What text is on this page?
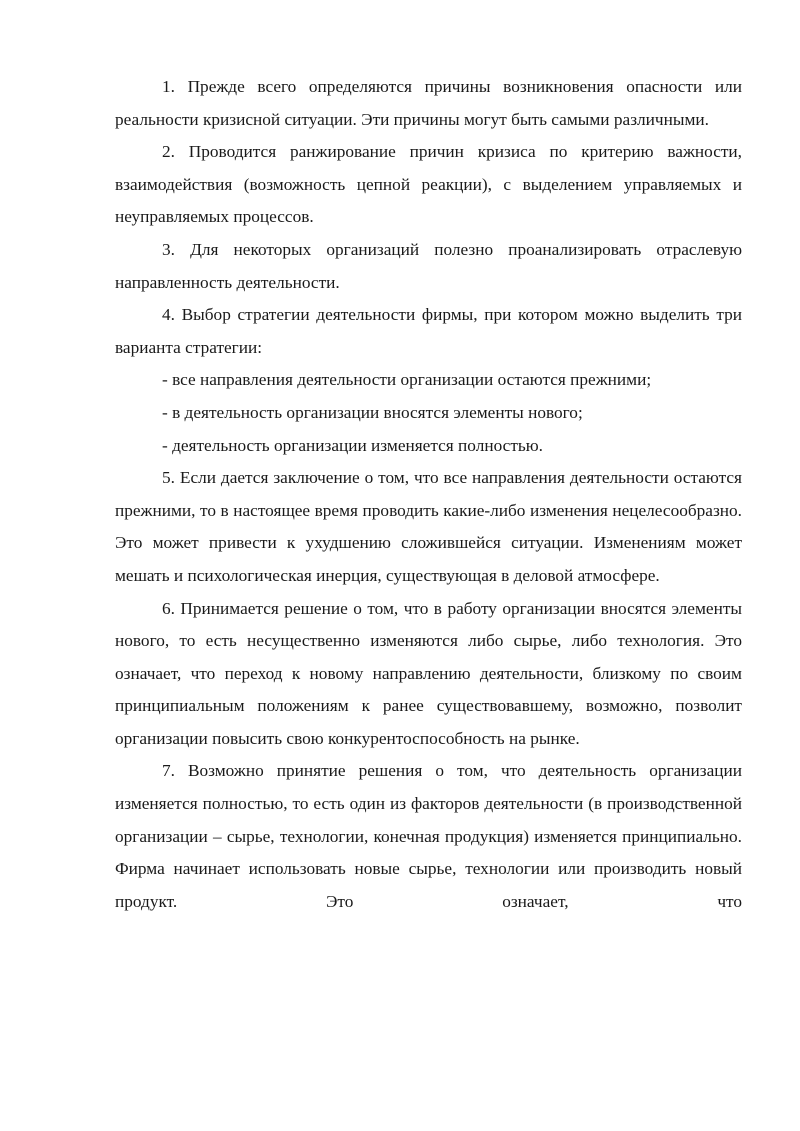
1. Прежде всего определяются причины возникновения опасности или реальности кризисной ситуации. Эти причины могут быть самыми различными.

2. Проводится ранжирование причин кризиса по критерию важности, взаимодействия (возможность цепной реакции), с выделением управляемых и неуправляемых процессов.

3. Для некоторых организаций полезно проанализировать отраслевую направленность деятельности.

4. Выбор стратегии деятельности фирмы, при котором можно выделить три варианта стратегии:

- все направления деятельности организации остаются прежними;

- в деятельность организации вносятся элементы нового;

- деятельность организации изменяется полностью.

5. Если дается заключение о том, что все направления деятельности остаются прежними, то в настоящее время проводить какие-либо изменения нецелесообразно. Это может привести к ухудшению сложившейся ситуации. Изменениям может мешать и психологическая инерция, существующая в деловой атмосфере.

6. Принимается решение о том, что в работу организации вносятся элементы нового, то есть несущественно изменяются либо сырье, либо технология. Это означает, что переход к новому направлению деятельности, близкому по своим принципиальным положениям к ранее существовавшему, возможно, позволит организации повысить свою конкурентоспособность на рынке.

7. Возможно принятие решения о том, что деятельность организации изменяется полностью, то есть один из факторов деятельности (в производственной организации – сырье, технологии, конечная продукция) изменяется принципиально. Фирма начинает использовать новые сырье, технологии или производить новый продукт. Это означает, что
